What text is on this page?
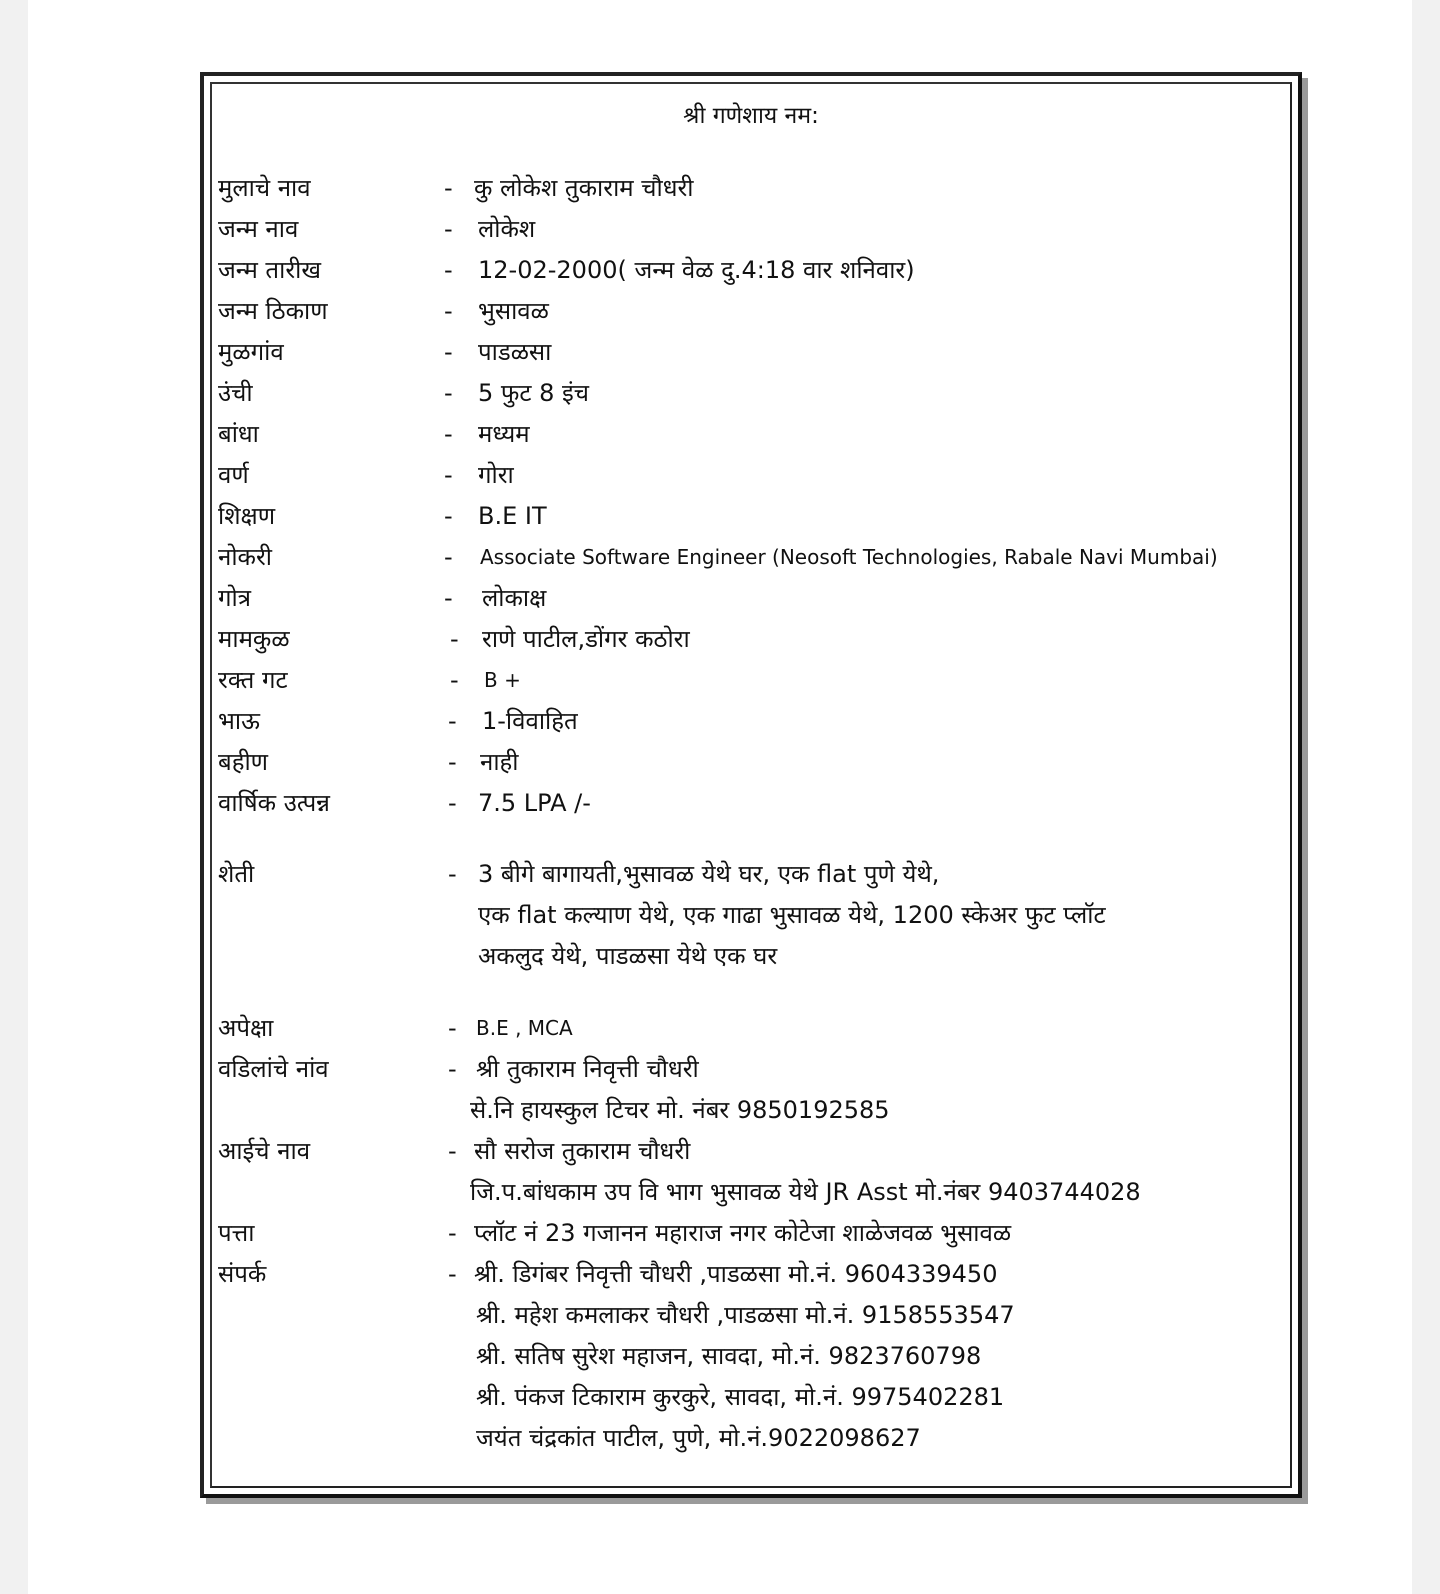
श्री गणेशाय नम:
मुलाचे नाव	- कु लोकेश तुकाराम चौधरी
जन्म नाव	- लोकेश
जन्म तारीख	- 12-02-2000( जन्म वेळ दु.4:18 वार शनिवार)
जन्म ठिकाण	- भुसावळ
मुळगांव	- पाडळसा
उंची	- 5 फुट 8 इंच
बांधा	- मध्यम
वर्ण	- गोरा
शिक्षण	- B.E IT
नोकरी	- Associate Software Engineer (Neosoft Technologies, Rabale Navi Mumbai)
गोत्र	- लोकाक्ष
मामकुळ	- राणे पाटील,डोंगर कठोरा
रक्त गट	- B +
भाऊ	- 1-विवाहित
बहीण	- नाही
वार्षिक उत्पन्न	- 7.5 LPA /-
शेती	- 3 बीगे बागायती,भुसावळ येथे घर, एक flat पुणे येथे,
एक flat कल्याण येथे, एक गाढा भुसावळ येथे, 1200 स्केअर फुट प्लॉट
अकलुद येथे, पाडळसा येथे एक घर
अपेक्षा	- B.E , MCA
वडिलांचे नांव	- श्री तुकाराम निवृत्ती चौधरी
से.नि हायस्कुल टिचर मो. नंबर 9850192585
आईचे नाव	- सौ सरोज तुकाराम चौधरी
जि.प.बांधकाम उप वि भाग भुसावळ येथे JR Asst मो.नंबर 9403744028
पत्ता	- प्लॉट नं 23 गजानन महाराज नगर कोटेजा शाळेजवळ भुसावळ
संपर्क	- श्री. डिगंबर निवृत्ती चौधरी ,पाडळसा मो.नं. 9604339450
श्री. महेश कमलाकर चौधरी ,पाडळसा मो.नं. 9158553547
श्री. सतिष सुरेश महाजन, सावदा, मो.नं. 9823760798
श्री. पंकज टिकाराम कुरकुरे, सावदा, मो.नं. 9975402281
जयंत चंद्रकांत पाटील, पुणे, मो.नं.9022098627
